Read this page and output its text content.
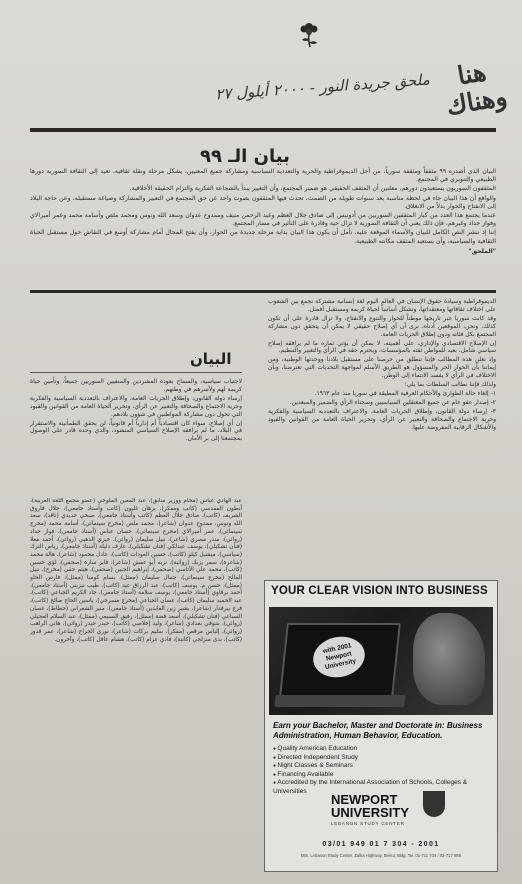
هنا
وهناك
ملحق جريدة النور - ٢٠٠٠ أيلول ٢٧
بيان الـ ٩٩

البيان الذي أصدره ٩٩ مثقفاً ومثقفة سورياً، من أجل الديموقراطية والحرية والتعددية السياسية ومشاركة جميع المعنيين، يشكل مرحلة ونقلة ثقافية، تعيد إلى الثقافة السورية دورها الطبيعي والتنويري في المجتمع.

المثقفون السوريون يستعيدون دورهم، معلنين أن المثقف الحقيقي هو ضمير المجتمع، وأن التغيير يبدأ بالشجاعة الفكرية والتزام الحقيقة الأخلاقية.

والواقع أن هذا البيان جاء في لحظة مناسبة بعد سنوات طويلة من الصمت، تحدث فيها المثقفون بصوت واحد عن حق المجتمع في التعبير والمشاركة وصياغة مستقبله، وعن حاجة البلاد إلى الانفتاح والحوار بدلاً من الانغلاق.

عندما يجتمع هذا العدد من كبار المثقفين السوريين من أدونيس إلى صادق جلال العظم وعبد الرحمن منيف وممدوح عدوان وسعد الله ونوس ومحمد ملص وأسامة محمد وعمر أميرالاي وفواز حداد وغيرهم، فإن ذلك يعني أن الثقافة السورية لا تزال حية وقادرة على التأثير في مسار المجتمع.

إننا إذ ننشر النص الكامل للبيان والأسماء الموقعة عليه، نأمل أن يكون هذا البيان بداية مرحلة جديدة من الحوار، وأن يفتح المجال أمام مشاركة أوسع في النقاش حول مستقبل الحياة الثقافية والسياسية، وأن يستعيد المثقف مكانته الطبيعية.

"الملحق"

الديموقراطية وسيادة حقوق الإنسان في العالم اليوم لغة إنسانية مشتركة تجمع بين الشعوب على اختلاف ثقافاتها ومعتقداتها، وتشكل أساساً لحياة كريمة ومستقبل أفضل.

وقد كانت سوريا عبر تاريخها موطناً للحوار والتنوع والانفتاح، ولا تزال قادرة على أن تكون كذلك. ونحن، الموقعين أدناه، نرى أن أي إصلاح حقيقي لا يمكن أن يتحقق دون مشاركة المجتمع بكل فئاته ودون إطلاق الحريات العامة.

إن الإصلاح الاقتصادي والإداري، على أهميته، لا يمكن أن يؤتي ثماره ما لم يرافقه إصلاح سياسي شامل، يعيد للمواطن ثقته بالمؤسسات، ويحترم حقه في الرأي والتعبير والتنظيم.

وإذ نعلن هذه المطالب فإننا ننطلق من حرصنا على مستقبل بلادنا ووحدتها الوطنية، ومن إيماننا بأن الحوار الحر والمسؤول هو الطريق الأسلم لمواجهة التحديات التي تعترضنا، وبأن الاختلاف في الرأي لا يفسد الانتماء إلى الوطن.

ولذلك فإننا نطالب السلطات بما يلي:

١- إلغاء حالة الطوارئ والأحكام العرفية المطبقة في سوريا منذ عام ١٩٦٣.

٢- إصدار عفو عام عن جميع المعتقلين السياسيين وسجناء الرأي والضمير والمبعدين.

٣- إرساء دولة القانون، وإطلاق الحريات العامة، والاعتراف بالتعددية السياسية والفكرية وحرية الاجتماع والصحافة والتعبير عن الرأي، وتحرير الحياة العامة من القوانين والقيود والأشكال الرقابية المفروضة عليها.

البيان

لاجتياب سياسية، والسماح بعودة المشردين والمنفيين السوريين جميعاً، وتأمين حياة كريمة لهم ولأسرهم في وطنهم.

إرساء دولة القانون، وإطلاق الحريات العامة، والاعتراف بالتعددية السياسية والفكرية وحرية الاجتماع والصحافة والتعبير عن الرأي، وتحرير الحياة العامة من القوانين والقيود التي تحول دون مشاركة المواطنين في شؤون بلادهم.

إن أي إصلاح، سواء كان اقتصادياً أم إدارياً أم قانونياً، لن يحقق الطمأنينة والاستقرار في البلاد، ما لم يرافقه الإصلاح السياسي المنشود، والذي وحده قادر على الوصول بمجتمعنا إلى بر الأمان.

عبد الهادي عباس (محام ووزير سابق)، عبد المعين الملوحي (عضو مجمع اللغة العربية)، أنطون المقدسي (كاتب ومفكر)، برهان غليون (كاتب وأستاذ جامعي)، جلال فاروق الشريف (كاتب)، صادق جلال العظم (كاتب وأستاذ جامعي)، صبحي حديدي (ناقد)، سعد الله ونوس، ممدوح عدوان (شاعر)، محمد ملص (مخرج سينمائي)، أسامة محمد (مخرج سينمائي)، عمر أميرالاي (مخرج سينمائي)، حسان عباس (أستاذ جامعي)، فواز حداد (روائي)، منذر مصري (شاعر)، نبيل سليمان (روائي)، خيري الذهبي (روائي)، أحمد معلا (فنان تشكيلي)، يوسف عبدلكي (فنان تشكيلي)، عارف دليلة (أستاذ جامعي)، رياض الترك (سياسي)، ميشيل كيلو (كاتب)، حسين العودات (كاتب)، عادل محمود (شاعر)، هالة محمد (شاعرة)، سمر يزبك (روائية)، نزيه أبو عفش (شاعر)، فايز سارة (صحفي)، لؤي حسين (كاتب)، محمد علي الأتاسي (صحفي)، إبراهيم الجبين (صحفي)، هيثم حقي (مخرج)، نبيل المالح (مخرج سينمائي)، جمال سليمان (ممثل)، بسام كوسا (ممثل)، فارس الحلو (ممثل)، حسن م. يوسف (كاتب)، عبد الرزاق عيد (كاتب)، طيب تيزيني (أستاذ جامعي)، أحمد برقاوي (أستاذ جامعي)، يوسف سلامة (أستاذ جامعي)، جاد الكريم الجباعي (كاتب)، عبد الحميد سليمان (كاتب)، غسان الجباعي (مخرج مسرحي)، ياسين الحاج صالح (كاتب)، فرج بيرقدار (شاعر)، بشير زين العابدين (أستاذ جامعي)، منير الشعراني (خطاط)، غسان السباعي (فنان تشكيلي)، أسعد فضة (ممثل)، رفيق السبيعي (ممثل)، عبد السلام العجيلي (روائي)، شوقي بغدادي (شاعر)، وليد إخلاصي (كاتب)، حيدر حيدر (روائي)، هاني الراهب (روائي)، إلياس مرقص (مفكر)، سليم بركات (شاعر)، نوري الجراح (شاعر)، عمر قدور (كاتب)، ندى منزلجي (كاتبة)، فادي عزام (كاتب)، هشام عاقل (كاتب)، وآخرون.
YOUR CLEAR VISION INTO BUSINESS
with 2001 Newport University
Earn your Bachelor, Master and Doctorate in: Business Administration, Human Behavior, Education.
● Quality American Education
● Directed Independent Study
● Night Classes & Seminars
● Financing Available
● Accredited by the International Association of Schools, Colleges & Universities
NEWPORT
UNIVERSITY
LEBANON STUDY CENTER
03/01 949 01 7 304 - 2001
Mtn. Lebanon Study Center, Zalka Highway, Beirut, Bldg. Tel. 01-711 704 / 03-717 989
